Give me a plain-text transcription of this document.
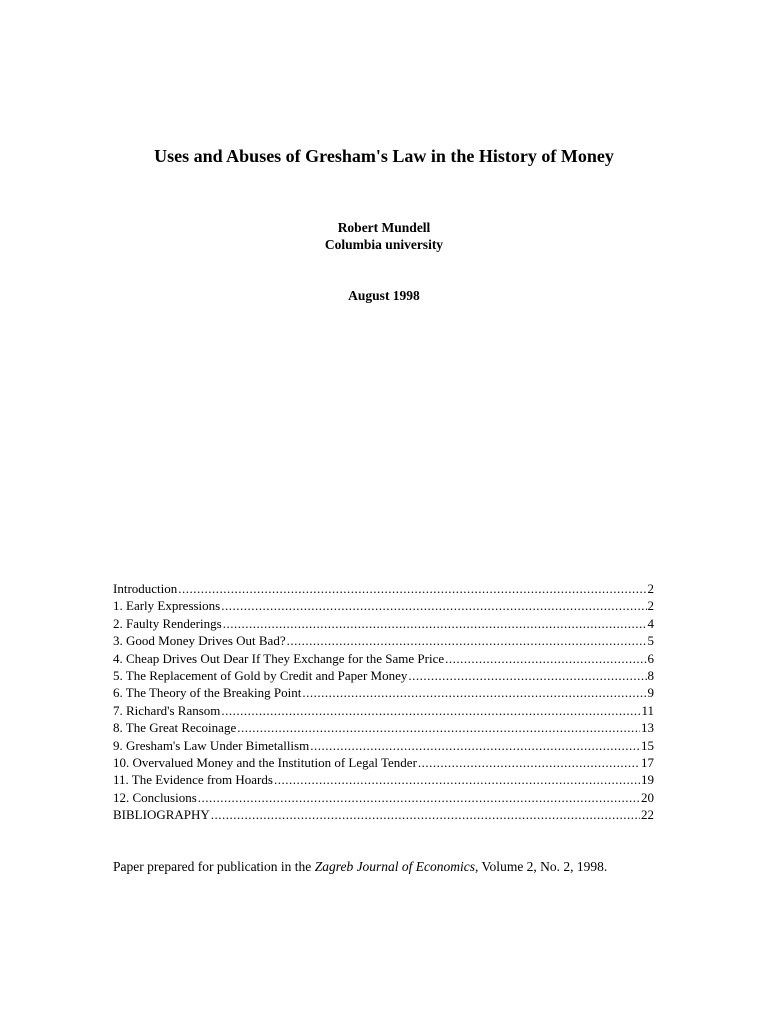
Uses and Abuses of Gresham's Law in the History of Money
Robert Mundell
Columbia university
August 1998
Introduction .....	2
1. Early Expressions .....	2
2. Faulty Renderings .....	4
3. Good Money Drives Out Bad? .....	5
4. Cheap Drives Out Dear If They Exchange for the Same Price .....	6
5. The Replacement of Gold by Credit and Paper Money .....	8
6. The Theory of the Breaking Point .....	9
7. Richard's Ransom .....	11
8. The Great Recoinage .....	13
9. Gresham's Law Under Bimetallism .....	15
10. Overvalued Money and the Institution of Legal Tender .....	17
11. The Evidence from Hoards .....	19
12. Conclusions .....	20
BIBLIOGRAPHY .....	22

Paper prepared for publication in the Zagreb Journal of Economics, Volume 2, No. 2, 1998.
